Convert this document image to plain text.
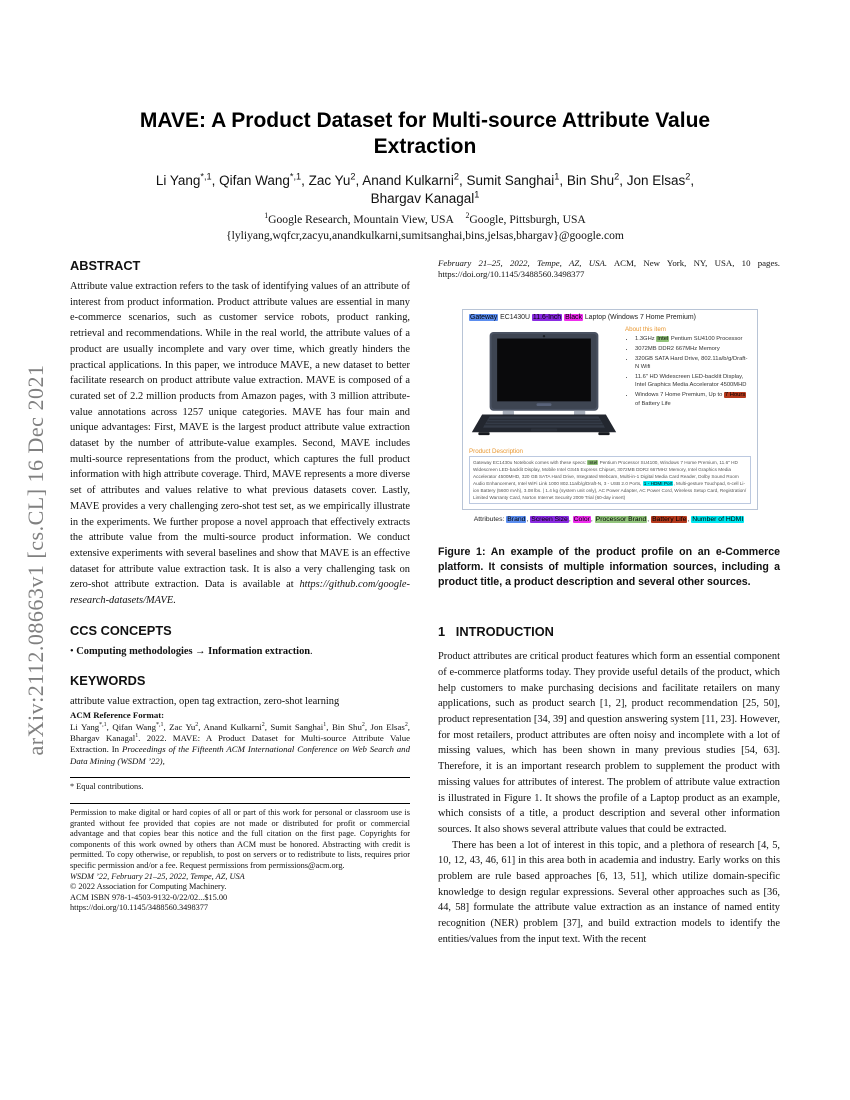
arXiv:2112.08663v1 [cs.CL] 16 Dec 2021
MAVE: A Product Dataset for Multi-source Attribute Value Extraction
Li Yang$^{*,1}$, Qifan Wang$^{*,1}$, Zac Yu$^2$, Anand Kulkarni$^2$, Sumit Sanghai$^1$, Bin Shu$^2$, Jon Elsas$^2$,
Bhargav Kanagal$^1$
$^1$Google Research, Mountain View, USA $^2$Google, Pittsburgh, USA
{lyliyang,wqfcr,zacyu,anandkulkarni,sumitsanghai,bins,jelsas,bhargav}@google.com
ABSTRACT

Attribute value extraction refers to the task of identifying values of an attribute of interest from product information. Product attribute values are essential in many e-commerce scenarios, such as customer service robots, product ranking, retrieval and recommendations. While in the real world, the attribute values of a product are usually incomplete and vary over time, which greatly hinders the practical applications. In this paper, we introduce MAVE, a new dataset to better facilitate research on product attribute value extraction. MAVE is composed of a curated set of 2.2 million products from Amazon pages, with 3 million attribute-value annotations across 1257 unique categories. MAVE has four main and unique advantages: First, MAVE is the largest product attribute value extraction dataset by the number of attribute-value examples. Second, MAVE includes multi-source representations from the product, which captures the full product information with high attribute coverage. Third, MAVE represents a more diverse set of attributes and values relative to what previous datasets cover. Lastly, MAVE provides a very challenging zero-shot test set, as we empirically illustrate in the experiments. We further propose a novel approach that effectively extracts the attribute value from the multi-source product information. We conduct extensive experiments with several baselines and show that MAVE is an effective dataset for attribute value extraction task. It is also a very challenging task on zero-shot attribute extraction. Data is available at https://github.com/google-research-datasets/MAVE.

CCS CONCEPTS

• Computing methodologies → Information extraction.

KEYWORDS

attribute value extraction, open tag extraction, zero-shot learning

ACM Reference Format:

Li Yang$^{*,1}$, Qifan Wang$^{*,1}$, Zac Yu$^2$, Anand Kulkarni$^2$, Sumit Sanghai$^1$, Bin Shu$^2$, Jon Elsas$^2$, Bhargav Kanagal$^1$. 2022. MAVE: A Product Dataset for Multi-source Attribute Value Extraction. In Proceedings of the Fifteenth ACM International Conference on Web Search and Data Mining (WSDM ’22),

* Equal contributions.

Permission to make digital or hard copies of all or part of this work for personal or classroom use is granted without fee provided that copies are not made or distributed for profit or commercial advantage and that copies bear this notice and the full citation on the first page. Copyrights for components of this work owned by others than ACM must be honored. Abstracting with credit is permitted. To copy otherwise, or republish, to post on servers or to redistribute to lists, requires prior specific permission and/or a fee. Request permissions from permissions@acm.org.

WSDM ’22, February 21–25, 2022, Tempe, AZ, USA

© 2022 Association for Computing Machinery.

ACM ISBN 978-1-4503-9132-0/22/02...$15.00

https://doi.org/10.1145/3488560.3498377

February 21–25, 2022, Tempe, AZ, USA. ACM, New York, NY, USA, 10 pages. https://doi.org/10.1145/3488560.3498377

Gateway EC1430U 11.6-Inch Black Laptop (Windows 7 Home Premium)

About this item

• 1.3GHz Intel Pentium SU4100 Processor
• 3072MB DDR2 667MHz Memory
• 320GB SATA Hard Drive, 802.11a/b/g/Draft-N Wifi
• 11.6" HD Widescreen LED-backlit Display, Intel Graphics Media Accelerator 4500MHD
• Windows 7 Home Premium, Up to 7 Hours of Battery Life

Product Description

Gateway EC1430u Notebook comes with these specs: Intel Pentium Processor SU4100, Windows 7 Home Premium, 11.6" HD Widescreen LED-backlit Display, Mobile Intel GS45 Express Chipset, 3072MB DDR2 667MHz Memory, Intel Graphics Media Accelerator 4500MHD, 320 GB SATA Hard Drive, Integrated Webcam, Multi-in-1 Digital Media Card Reader, Dolby Sound Room Audio Enhancement, Intel WiFi Link 1000 802.11a/b/g/Draft-N, 3 - USB 2.0 Ports, 1 - HDMI Port, Multi-gesture Touchpad, 6-cell Li-ion Battery (5600 mAh), 3.08 lbs. | 1.4 kg (system unit only), AC Power Adapter, AC Power Cord, Wireless Setup Card, Registration/ Limited Warranty Card, Norton Internet Security 2009 Trial (60-day insert)

Attributes: Brand, Screen Size, Color, Processor Brand, Battery Life, Number of HDMI

Figure 1: An example of the product profile on an e-Commerce platform. It consists of multiple information sources, including a product title, a product description and several other sources.

1   INTRODUCTION

Product attributes are critical product features which form an essential component of e-commerce platforms today. They provide useful details of the product, which help customers to make purchasing decisions and facilitate retailers on many applications, such as product search [1, 2], product recommendation [25, 50], product representation [34, 39] and question answering system [11, 23]. However, for most retailers, product attributes are often noisy and incomplete with a lot of missing values, which has been shown in many previous studies [54, 63]. Therefore, it is an important research problem to supplement the product with missing values for attributes of interest. The problem of attribute value extraction is illustrated in Figure 1. It shows the profile of a Laptop product as an example, which consists of a title, a product description and several other information sources. It also shows several attribute values that could be extracted.

There has been a lot of interest in this topic, and a plethora of research [4, 5, 10, 12, 43, 46, 61] in this area both in academia and industry. Early works on this problem are rule based approaches [6, 13, 51], which utilize domain-specific knowledge to design regular expressions. Several other approaches such as [36, 44, 58] formulate the attribute value extraction as an instance of named entity recognition (NER) problem [37], and build extraction models to identify the entities/values from the input text. With the recent
